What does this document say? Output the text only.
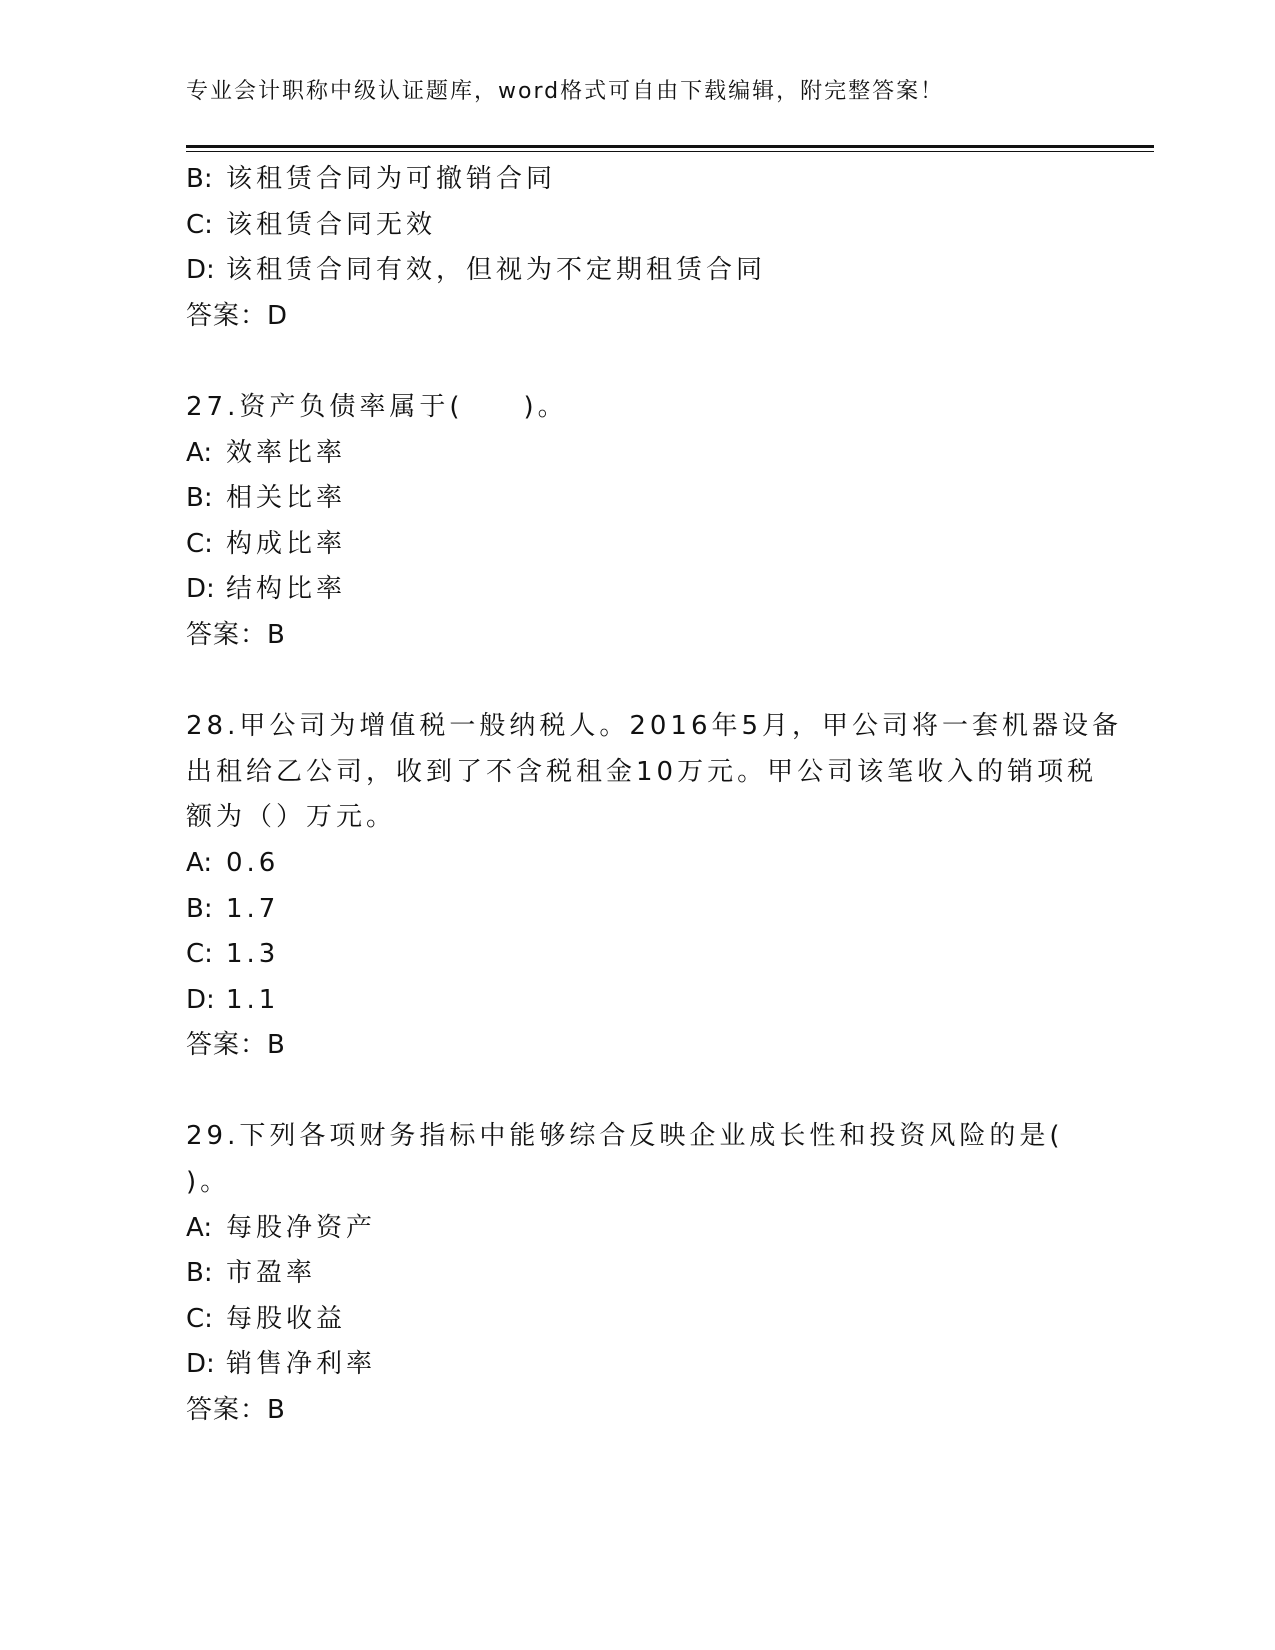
专业会计职称中级认证题库，word格式可自由下载编辑，附完整答案！
B: 该租赁合同为可撤销合同
C: 该租赁合同无效
D: 该租赁合同有效，但视为不定期租赁合同
答案：D
27.资产负债率属于(　　)。
A: 效率比率
B: 相关比率
C: 构成比率
D: 结构比率
答案：B
28.甲公司为增值税一般纳税人。2016年5月，甲公司将一套机器设备
出租给乙公司，收到了不含税租金10万元。甲公司该笔收入的销项税
额为（）万元。
A: 0.6
B: 1.7
C: 1.3
D: 1.1
答案：B
29.下列各项财务指标中能够综合反映企业成长性和投资风险的是(
)。
A: 每股净资产
B: 市盈率
C: 每股收益
D: 销售净利率
答案：B
